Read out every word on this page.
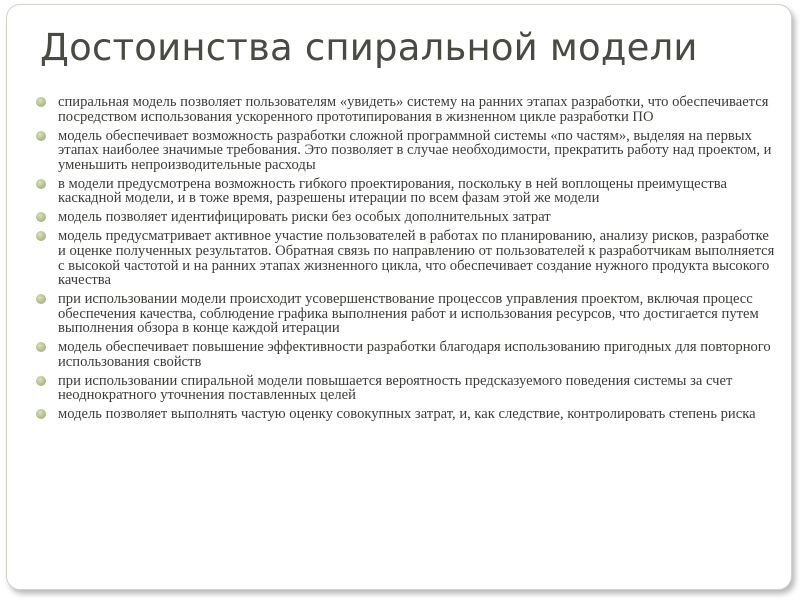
Достоинства спиральной модели
спиральная модель позволяет пользователям «увидеть» систему на ранних этапах разработки, что обеспечивается посредством использования ускоренного прототипирования в жизненном цикле разработки ПО
модель обеспечивает возможность разработки сложной программной системы «по частям», выделяя на первых этапах наиболее значимые требования. Это позволяет в случае необходимости, прекратить работу над проектом, и уменьшить непроизводительные расходы
в модели предусмотрена возможность гибкого проектирования, поскольку в ней воплощены преимущества каскадной модели, и в тоже время, разрешены итерации по всем фазам этой же модели
модель позволяет идентифицировать риски без особых дополнительных затрат
модель предусматривает активное участие пользователей в работах по планированию, анализу рисков, разработке и оценке полученных результатов. Обратная связь по направлению от пользователей к разработчикам выполняется с высокой частотой и на ранних этапах жизненного цикла, что обеспечивает создание нужного продукта высокого качества
при использовании модели происходит усовершенствование процессов управления проектом, включая процесс обеспечения качества, соблюдение графика выполнения работ и использования ресурсов, что достигается путем выполнения обзора в конце каждой итерации
модель обеспечивает повышение эффективности разработки благодаря использованию пригодных для повторного использования свойств
при использовании спиральной модели повышается вероятность предсказуемого поведения системы за счет неоднократного уточнения поставленных целей
модель позволяет выполнять частую оценку совокупных затрат, и, как следствие, контролировать степень риска
